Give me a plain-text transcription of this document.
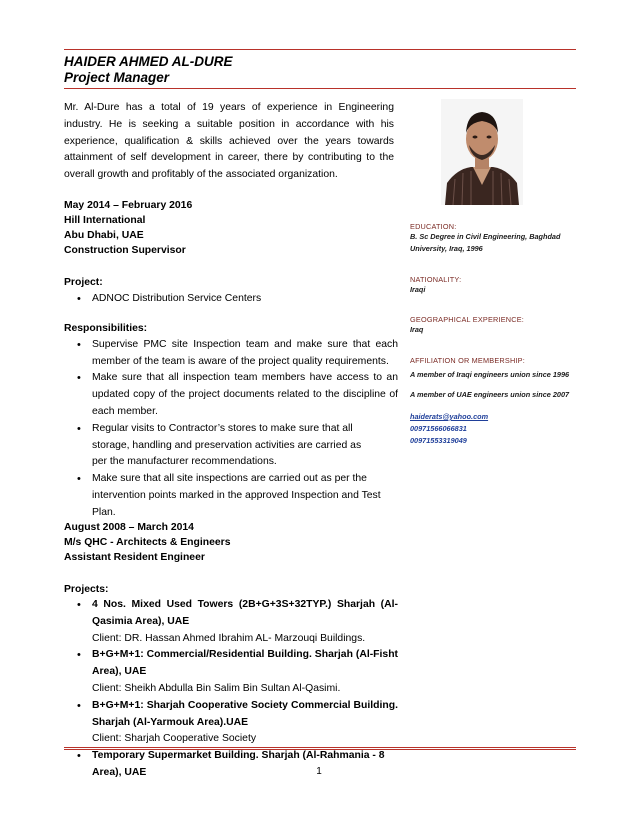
HAIDER AHMED AL-DURE
Project Manager
Mr. Al-Dure has a total of 19 years of experience in Engineering industry. He is seeking a suitable position in accordance with his experience, qualification & skills achieved over the years towards attainment of self development in career, there by contributing to the overall growth and profitably of the associated organization.
EDUCATION:
B. Sc Degree in Civil Engineering, Baghdad University, Iraq, 1996
NATIONALITY:
Iraqi
GEOGRAPHICAL EXPERIENCE:
Iraq
AFFILIATION OR MEMBERSHIP:
A member of Iraqi engineers union since 1996
A member of UAE engineers union since 2007
haiderats@yahoo.com
00971566066831
00971553319049
May 2014 – February 2016
Hill International
Abu Dhabi, UAE
Construction Supervisor
Project:
• ADNOC Distribution Service Centers
Responsibilities:
• Supervise PMC site Inspection team and make sure that each member of the team is aware of the project quality requirements.
• Make sure that all inspection team members have access to an updated copy of the project documents related to the discipline of each member.
• Regular visits to Contractor’s stores to make sure that all storage, handling and preservation activities are carried as per the manufacturer recommendations.
• Make sure that all site inspections are carried out as per the intervention points marked in the approved Inspection and Test Plan.
August 2008 – March 2014
M/s QHC - Architects & Engineers
Assistant Resident Engineer
Projects:
• 4 Nos. Mixed Used Towers (2B+G+3S+32TYP.) Sharjah (Al-Qasimia Area), UAE
Client: DR. Hassan Ahmed Ibrahim AL- Marzouqi Buildings.
• B+G+M+1: Commercial/Residential Building. Sharjah (Al-Fisht Area), UAE
Client: Sheikh Abdulla Bin Salim Bin Sultan Al-Qasimi.
• B+G+M+1: Sharjah Cooperative Society Commercial Building. Sharjah (Al-Yarmouk Area).UAE
Client: Sharjah Cooperative Society
• Temporary Supermarket Building. Sharjah (Al-Rahmania - 8 Area), UAE	1
